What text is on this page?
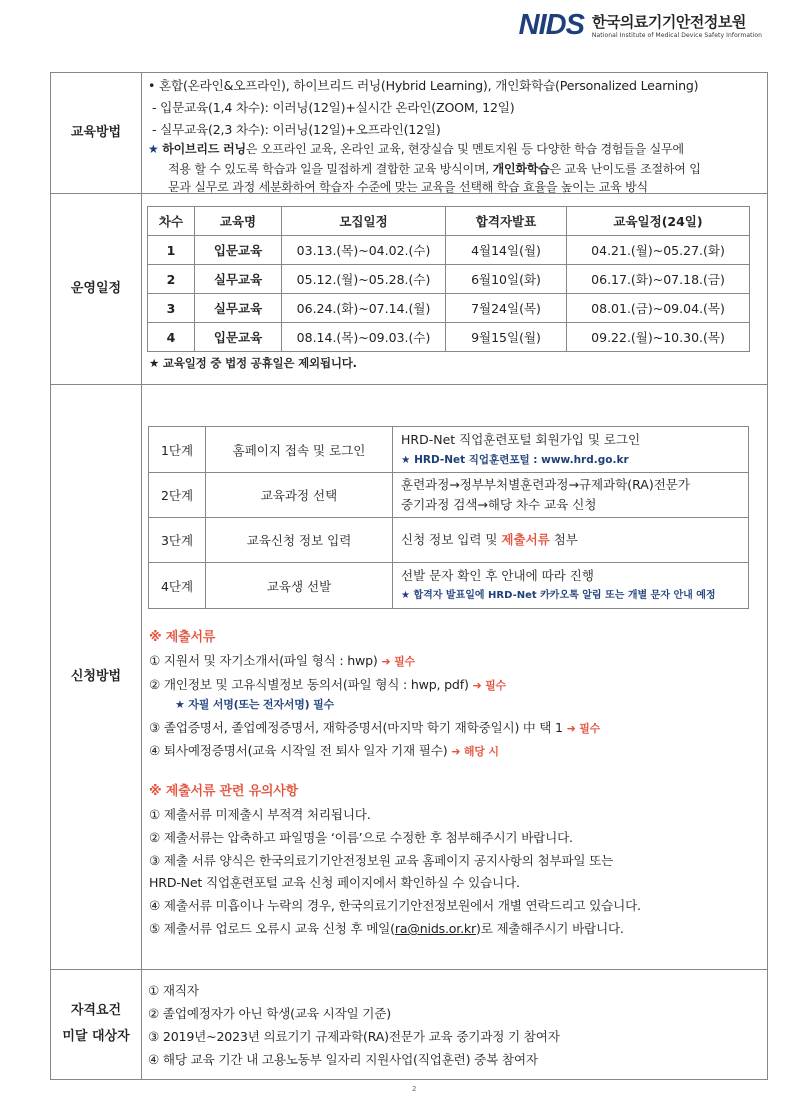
NIDS 한국의료기기안전정보원
National Institute of Medical Device Safety Information
교육방법
• 혼합(온라인&오프라인), 하이브리드 러닝(Hybrid Learning), 개인화학습(Personalized Learning)
- 입문교육(1,4 차수): 이러닝(12일)+실시간 온라인(ZOOM, 12일)
- 실무교육(2,3 차수): 이러닝(12일)+오프라인(12일)
★ 하이브리드 러닝은 오프라인 교육, 온라인 교육, 현장실습 및 멘토지원 등 다양한 학습 경험들을 실무에
적용 할 수 있도록 학습과 일을 밀접하게 결합한 교육 방식이며, 개인화학습은 교육 난이도를 조절하여 입
문과 실무로 과정 세분화하여 학습자 수준에 맞는 교육을 선택해 학습 효율을 높이는 교육 방식
운영일정
차수	교육명	모집일정	합격자발표	교육일정(24일)
1	입문교육	03.13.(목)~04.02.(수)	4월14일(월)	04.21.(월)~05.27.(화)
2	실무교육	05.12.(월)~05.28.(수)	6월10일(화)	06.17.(화)~07.18.(금)
3	실무교육	06.24.(화)~07.14.(월)	7월24일(목)	08.01.(금)~09.04.(목)
4	입문교육	08.14.(목)~09.03.(수)	9월15일(월)	09.22.(월)~10.30.(목)
★ 교육일정 중 법정 공휴일은 제외됩니다.
신청방법
1단계	홈페이지 접속 및 로그인	HRD-Net 직업훈련포털 회원가입 및 로그인
★ HRD-Net 직업훈련포털 : www.hrd.go.kr

2단계	교육과정 선택	훈련과정→정부부처별훈련과정→규제과학(RA)전문가
중기과정 검색→해당 차수 교육 신청

3단계	교육신청 정보 입력	신청 정보 입력 및 제출서류 첨부
4단계	교육생 선발	선발 문자 확인 후 안내에 따라 진행
★ 합격자 발표일에 HRD-Net 카카오톡 알림 또는 개별 문자 안내 예정
※ 제출서류
① 지원서 및 자기소개서(파일 형식 : hwp) ➜ 필수
② 개인정보 및 고유식별정보 동의서(파일 형식 : hwp, pdf) ➜ 필수
★ 자필 서명(또는 전자서명) 필수
③ 졸업증명서, 졸업예정증명서, 재학증명서(마지막 학기 재학중일시) 中 택 1 ➜ 필수
④ 퇴사예정증명서(교육 시작일 전 퇴사 일자 기재 필수) ➜ 해당 시
※ 제출서류 관련 유의사항
① 제출서류 미제출시 부적격 처리됩니다.
② 제출서류는 압축하고 파일명을 ‘이름’으로 수정한 후 첨부해주시기 바랍니다.
③ 제출 서류 양식은 한국의료기기안전정보원 교육 홈페이지 공지사항의 첨부파일 또는
HRD-Net 직업훈련포털 교육 신청 페이지에서 확인하실 수 있습니다.
④ 제출서류 미흡이나 누락의 경우, 한국의료기기안전정보원에서 개별 연락드리고 있습니다.
⑤ 제출서류 업로드 오류시 교육 신청 후 메일(ra@nids.or.kr)로 제출해주시기 바랍니다.
자격요건
미달 대상자
① 재직자
② 졸업예정자가 아닌 학생(교육 시작일 기준)
③ 2019년~2023년 의료기기 규제과학(RA)전문가 교육 중기과정 기 참여자
④ 해당 교육 기간 내 고용노동부 일자리 지원사업(직업훈련) 중복 참여자
2
